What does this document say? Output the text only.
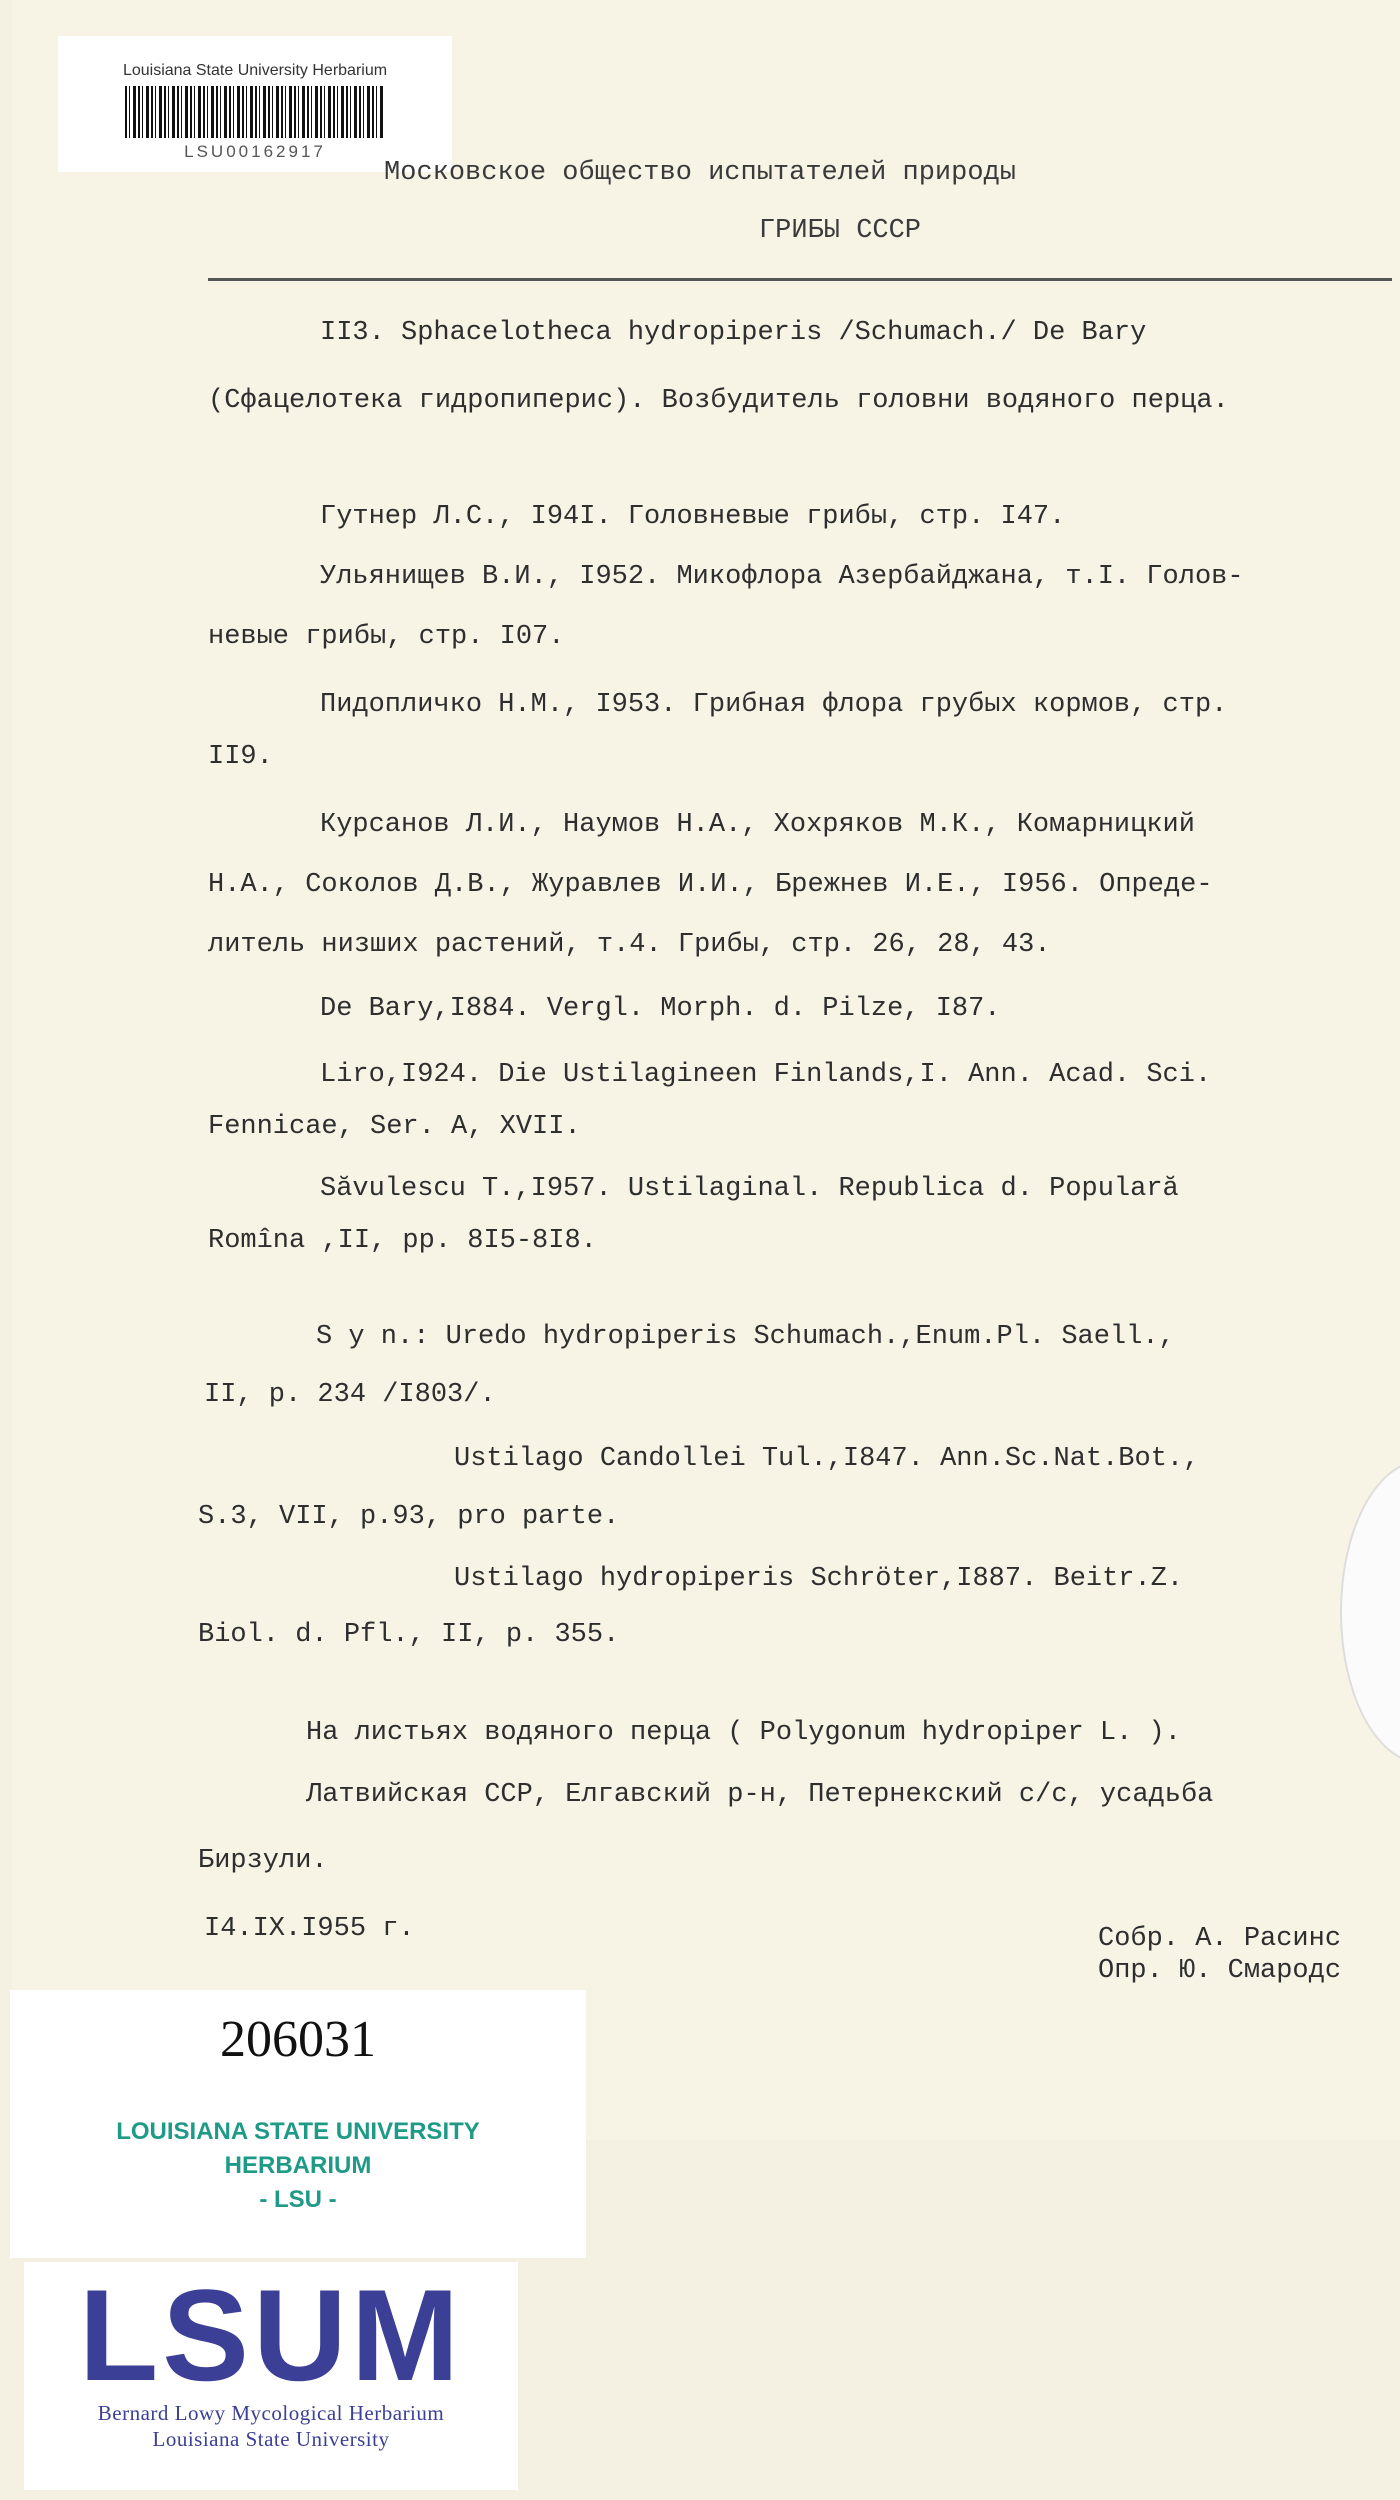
Louisiana State University Herbarium
LSU00162917
Московское общество испытателей природы
ГРИБЫ СССР
II3. Sphacelotheca hydropiperis /Schumach./ De Bary
(Сфацелотека гидропиперис). Возбудитель головни водяного перца.
Гутнер Л.С., I94I. Головневые грибы, стр. I47.
Ульянищев В.И., I952. Микофлора Азербайджана, т.I. Голов-
невые грибы, стр. I07.
Пидопличко Н.М., I953. Грибная флора грубых кормов, стр.
II9.
Курсанов Л.И., Наумов Н.А., Хохряков М.К., Комарницкий
Н.А., Соколов Д.В., Журавлев И.И., Брежнев И.Е., I956. Опреде-
литель низших растений, т.4. Грибы, стр. 26, 28, 43.
De Bary,I884. Vergl. Morph. d. Pilze, I87.
Liro,I924. Die Ustilagineen Finlands,I. Ann. Acad. Sci.
Fennicae, Ser. A, XVII.
Săvulescu T.,I957. Ustilaginal. Republica d. Populară
Romîna ,II, pp. 8I5-8I8.
S y n.: Uredo hydropiperis Schumach.,Enum.Pl. Saell.,
II, p. 234 /I803/.
Ustilago Candollei Tul.,I847. Ann.Sc.Nat.Bot.,
S.3, VII, p.93, pro parte.
Ustilago hydropiperis Schröter,I887. Beitr.Z.
Biol. d. Pfl., II, p. 355.
На листьях водяного перца ( Polygonum hydropiper L. ).
Латвийская ССР, Елгавский р-н, Петернекский с/с, усадьба
Бирзули.
I4.IX.I955 г.	Собр. А. Расинс
Опр. Ю. Смародс
206031
LOUISIANA STATE UNIVERSITY
HERBARIUM
- LSU -
LSUM
Bernard Lowy Mycological Herbarium
Louisiana State University
